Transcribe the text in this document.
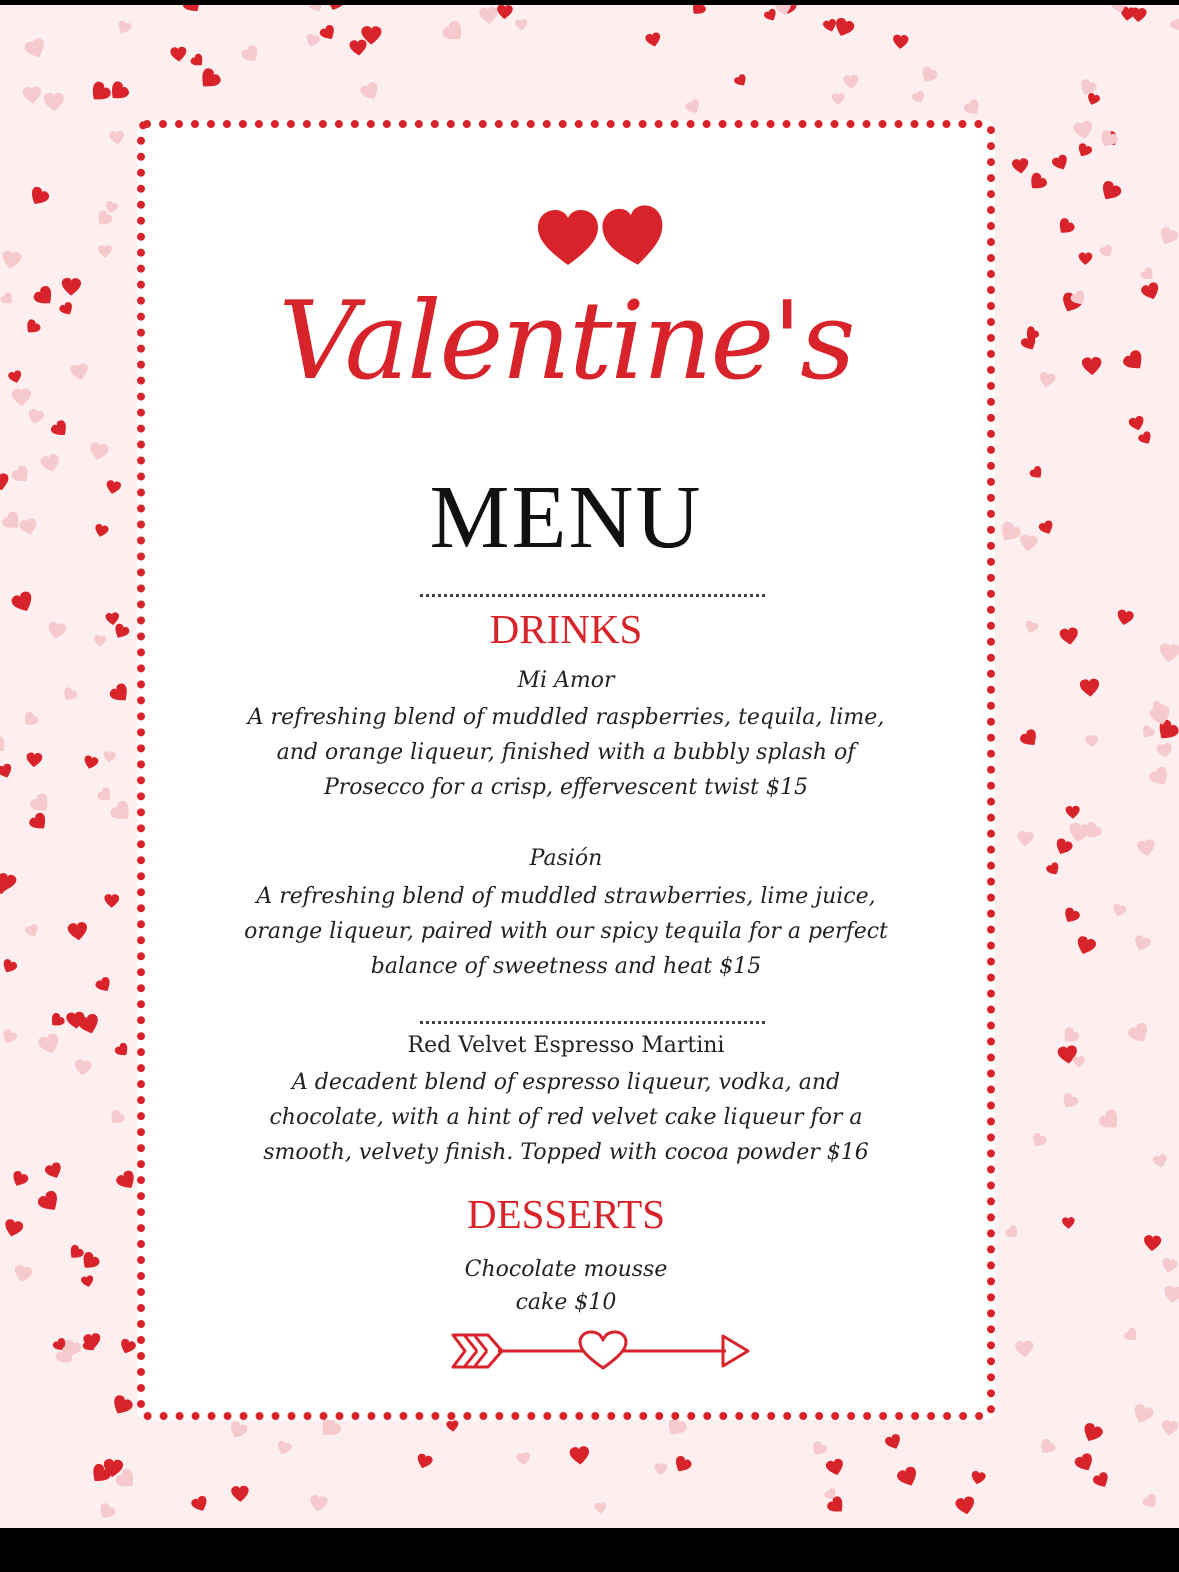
Valentine's
MENU
DRINKS
Mi Amor
A refreshing blend of muddled raspberries, tequila, lime,
and orange liqueur, finished with a bubbly splash of
Prosecco for a crisp, effervescent twist $15
Pasión
A refreshing blend of muddled strawberries, lime juice,
orange liqueur, paired with our spicy tequila for a perfect
balance of sweetness and heat $15
Red Velvet Espresso Martini
A decadent blend of espresso liqueur, vodka, and
chocolate, with a hint of red velvet cake liqueur for a
smooth, velvety finish. Topped with cocoa powder $16
DESSERTS
Chocolate mousse
cake $10
